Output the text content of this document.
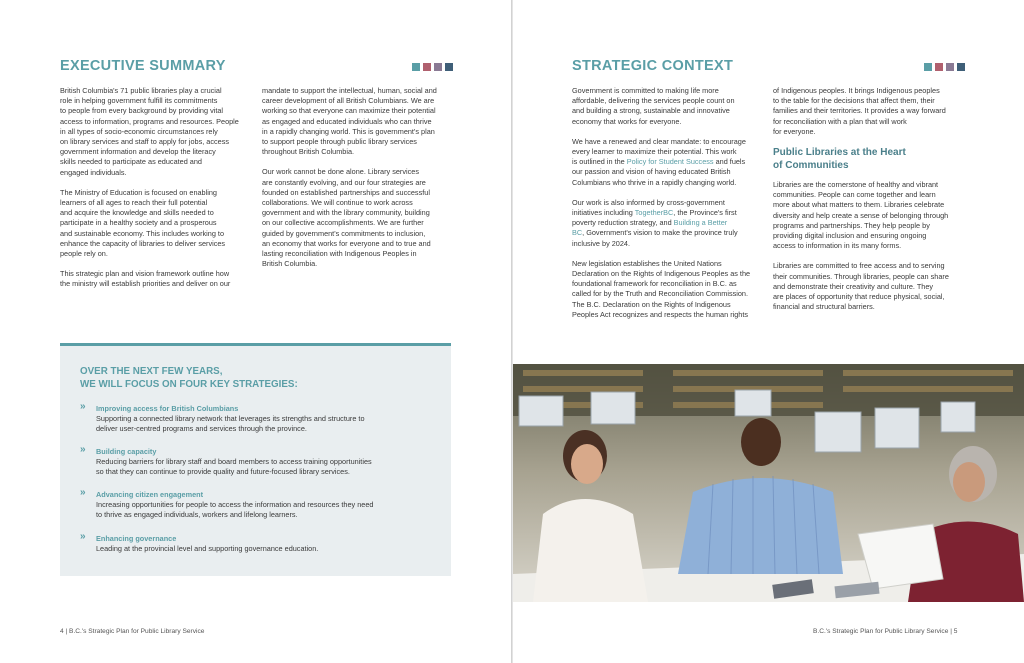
EXECUTIVE SUMMARY

British Columbia's 71 public libraries play a crucial
role in helping government fulfill its commitments
to people from every background by providing vital
access to information, programs and resources. People
in all types of socio-economic circumstances rely
on library services and staff to apply for jobs, access
government information and develop the literacy
skills needed to participate as educated and
engaged individuals.

The Ministry of Education is focused on enabling
learners of all ages to reach their full potential
and acquire the knowledge and skills needed to
participate in a healthy society and a prosperous
and sustainable economy. This includes working to
enhance the capacity of libraries to deliver services
people rely on.

This strategic plan and vision framework outline how
the ministry will establish priorities and deliver on our

mandate to support the intellectual, human, social and
career development of all British Columbians. We are
working so that everyone can maximize their potential
as engaged and educated individuals who can thrive
in a rapidly changing world. This is government's plan
to support people through public library services
throughout British Columbia.

Our work cannot be done alone. Library services
are constantly evolving, and our four strategies are
founded on established partnerships and successful
collaborations. We will continue to work across
government and with the library community, building
on our collective accomplishments. We are further
guided by government's commitments to inclusion,
an economy that works for everyone and to true and
lasting reconciliation with Indigenous Peoples in
British Columbia.

OVER THE NEXT FEW YEARS,
WE WILL FOCUS ON FOUR KEY STRATEGIES:
» Improving access for British Columbians
Supporting a connected library network that leverages its strengths and structure to
deliver user-centred programs and services through the province.
» Building capacity
Reducing barriers for library staff and board members to access training opportunities
so that they can continue to provide quality and future-focused library services.
» Advancing citizen engagement
Increasing opportunities for people to access the information and resources they need
to thrive as engaged individuals, workers and lifelong learners.
» Enhancing governance
Leading at the provincial level and supporting governance education.
4 | B.C.'s Strategic Plan for Public Library Service
STRATEGIC CONTEXT

Government is committed to making life more
affordable, delivering the services people count on
and building a strong, sustainable and innovative
economy that works for everyone.

We have a renewed and clear mandate: to encourage
every learner to maximize their potential. This work
is outlined in the Policy for Student Success and fuels
our passion and vision of having educated British
Columbians who thrive in a rapidly changing world.

Our work is also informed by cross-government
initiatives including TogetherBC, the Province's first
poverty reduction strategy, and Building a Better
BC, Government's vision to make the province truly
inclusive by 2024.

New legislation establishes the United Nations
Declaration on the Rights of Indigenous Peoples as the
foundational framework for reconciliation in B.C. as
called for by the Truth and Reconciliation Commission.
The B.C. Declaration on the Rights of Indigenous
Peoples Act recognizes and respects the human rights

of Indigenous peoples. It brings Indigenous peoples
to the table for the decisions that affect them, their
families and their territories. It provides a way forward
for reconciliation with a plan that will work
for everyone.

Public Libraries at the Heart
of Communities

Libraries are the cornerstone of healthy and vibrant
communities. People can come together and learn
more about what matters to them. Libraries celebrate
diversity and help create a sense of belonging through
programs and partnerships. They help people by
providing digital inclusion and ensuring ongoing
access to information in its many forms.

Libraries are committed to free access and to serving
their communities. Through libraries, people can share
and demonstrate their creativity and culture. They
are places of opportunity that reduce physical, social,
financial and structural barriers.

B.C.'s Strategic Plan for Public Library Service | 5
